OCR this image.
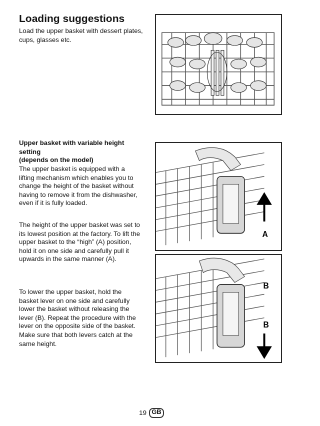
Loading suggestions
Load the upper basket with dessert plates, cups, glasses etc.
Upper basket with variable height setting
(depends on the model)
The upper basket is equipped with a lifting mechanism which enables you to change the height of the basket without having to remove it from the dishwasher, even if it is fully loaded.
The height of the upper basket was set to its lowest position at the factory. To lift the upper basket to the “high” (A) position, hold it on one side and carefully pull it upwards in the same manner (A).
To lower the upper basket, hold the basket lever on one side and carefully lower the basket without releasing the lever (B). Repeat the procedure with the lever on the opposite side of the basket. Make sure that both levers catch at the same height.
A
B
B
19 GB
